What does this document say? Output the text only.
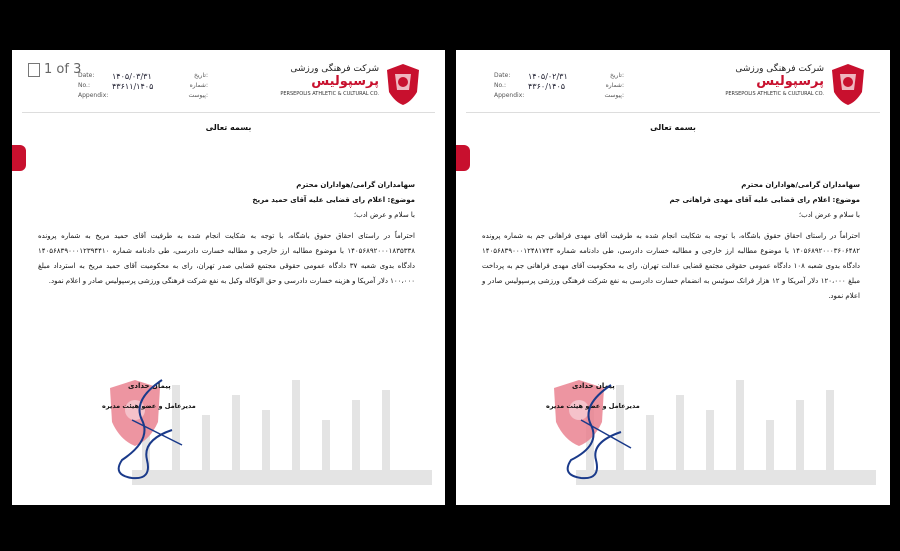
1 of 3	شرکت فرهنگی ورزشی
پرسپولیس
PERSEPOLIS ATHLETIC & CULTURAL CO.
Date: ۱۴۰۵/۰۳/۳۱	تاریخ:
No.:	۴۳۶۱۱/۱۴۰۵	شماره:
Appendix:	پیوست:
بسمه تعالی
سهامداران گرامی/هواداران محترم
موضوع: اعلام رای قضایی علیه آقای حمید مریخ
با سلام و عرض ادب؛
احتراماً در راستای احقاق حقوق باشگاه، با توجه به شکایت انجام شده به طرفیت آقای حمید مریخ به شماره پرونده ۱۴۰۵۶۸۹۲۰۰۰۱۸۳۵۳۳۸ با موضوع مطالبه ارز خارجی و مطالبه خسارت دادرسی، طی دادنامه شماره ۱۴۰۵۶۸۳۹۰۰۰۱۲۳۹۴۴۱۰ دادگاه بدوی شعبه ۳۷ دادگاه عمومی حقوقی مجتمع قضایی صدر تهران، رای به محکومیت آقای حمید مریخ به استرداد مبلغ ۱۰۰،۰۰۰ دلار آمریکا و هزینه خسارت دادرسی و حق الوکاله وکیل به نفع شرکت فرهنگی ورزشی پرسپولیس صادر و اعلام نمود.
پیمان حدادی
مدیرعامل و عضو هیئت مدیره
شرکت فرهنگی ورزشی
پرسپولیس
PERSEPOLIS ATHLETIC & CULTURAL CO.
Date: ۱۴۰۵/۰۲/۳۱	تاریخ:
No.:	۴۳۶۰/۱۴۰۵	شماره:
Appendix:	پیوست:
بسمه تعالی
سهامداران گرامی/هواداران محترم
موضوع: اعلام رای قضایی علیه آقای مهدی فراهانی جم
با سلام و عرض ادب؛
احتراماً در راستای احقاق حقوق باشگاه، با توجه به شکایت انجام شده به طرفیت آقای مهدی فراهانی جم به شماره پرونده ۱۴۰۵۶۸۹۲۰۰۰۳۶۰۶۴۸۲ با موضوع مطالبه ارز خارجی و مطالبه خسارت دادرسی، طی دادنامه شماره ۱۴۰۵۶۸۳۹۰۰۰۱۲۴۸۱۷۴۳ دادگاه بدوی شعبه ۱۰۸ دادگاه عمومی حقوقی مجتمع قضایی عدالت تهران، رای به محکومیت آقای مهدی فراهانی جم به پرداخت مبلغ ۱۲۰،۰۰۰ دلار آمریکا و ۱۲ هزار فرانک سوئیس به انضمام خسارت دادرسی به نفع شرکت فرهنگی ورزشی پرسپولیس صادر و اعلام نمود.
پیمان حدادی
مدیرعامل و عضو هیئت مدیره
